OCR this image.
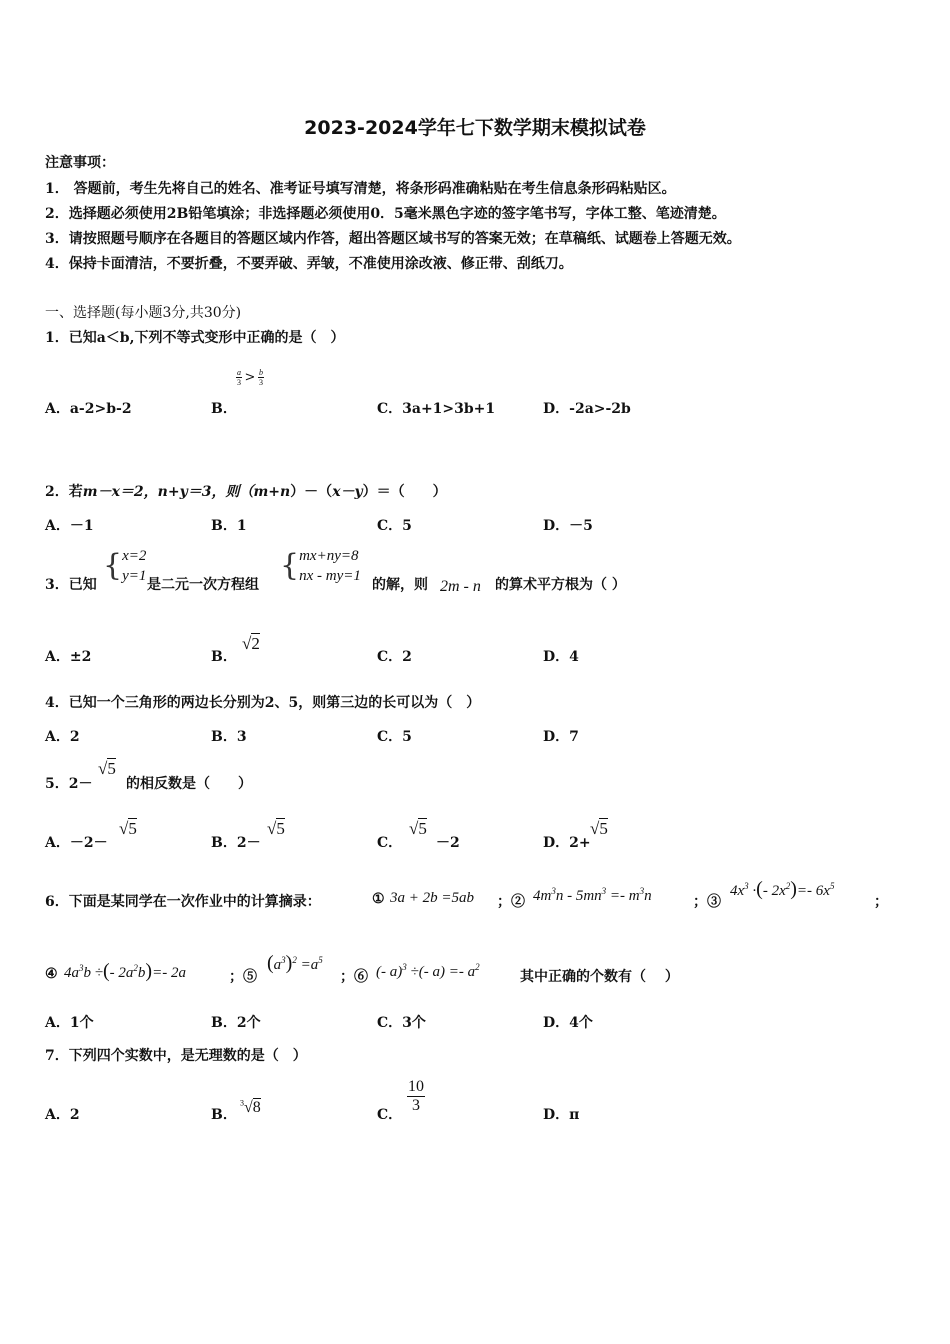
2023-2024学年七下数学期末模拟试卷
注意事项：
1． 答题前，考生先将自己的姓名、准考证号填写清楚，将条形码准确粘贴在考生信息条形码粘贴区。
2．选择题必须使用2B铅笔填涂；非选择题必须使用0．5毫米黑色字迹的签字笔书写，字体工整、笔迹清楚。
3．请按照题号顺序在各题目的答题区域内作答，超出答题区域书写的答案无效；在草稿纸、试题卷上答题无效。
4．保持卡面清洁，不要折叠，不要弄破、弄皱，不准使用涂改液、修正带、刮纸刀。
一、选择题(每小题3分,共30分)
1．已知a＜b,下列不等式变形中正确的是（　）
A．a-2>b-2	B．
$\frac{a}{3} > \frac{b}{3}$
C．3a+1>3b+1	D．-2a>-2b
2．若m－x＝2，n+y＝3，则（m+n）－（x－y）＝（　　）
A．－1	B．1	C．5	D．－5
3．已知
{ x=2
y=1
是二元一次方程组
{ mx+ny=8
nx - my=1
的解，则 2m - n 的算术平方根为（ ）
A．±2	B．
√2
C．2	D．4
4．已知一个三角形的两边长分别为2、5，则第三边的长可以为（　）
A．2	B．3	C．5	D．7
5．2－
√5
的相反数是（　　）
A．－2－
√5
B．2－
√5
C．
√5
－2	D．2+
√5
6．下面是某同学在一次作业中的计算摘录：	① 3a + 2b =5ab ；② $4m^3n - 5mn^3 =- m^3n$	；③
$4x^3$ ·(- $2x^2)=-$ $6x^5$
；
④ $4a^3b$ ÷(- $2a^2b)=-$ 2a	；⑤
$(a^3)^2 =a^5$
；⑥ (- a)$^3$ ÷(- $a) =- a^2$
其中正确的个数有（　 ）
A．1个	B．2个	C．3个	D．4个
7．下列四个实数中，是无理数的是（　）
A．2	B．
$^3$√8	C． $\frac{10}{3}$	D．π
